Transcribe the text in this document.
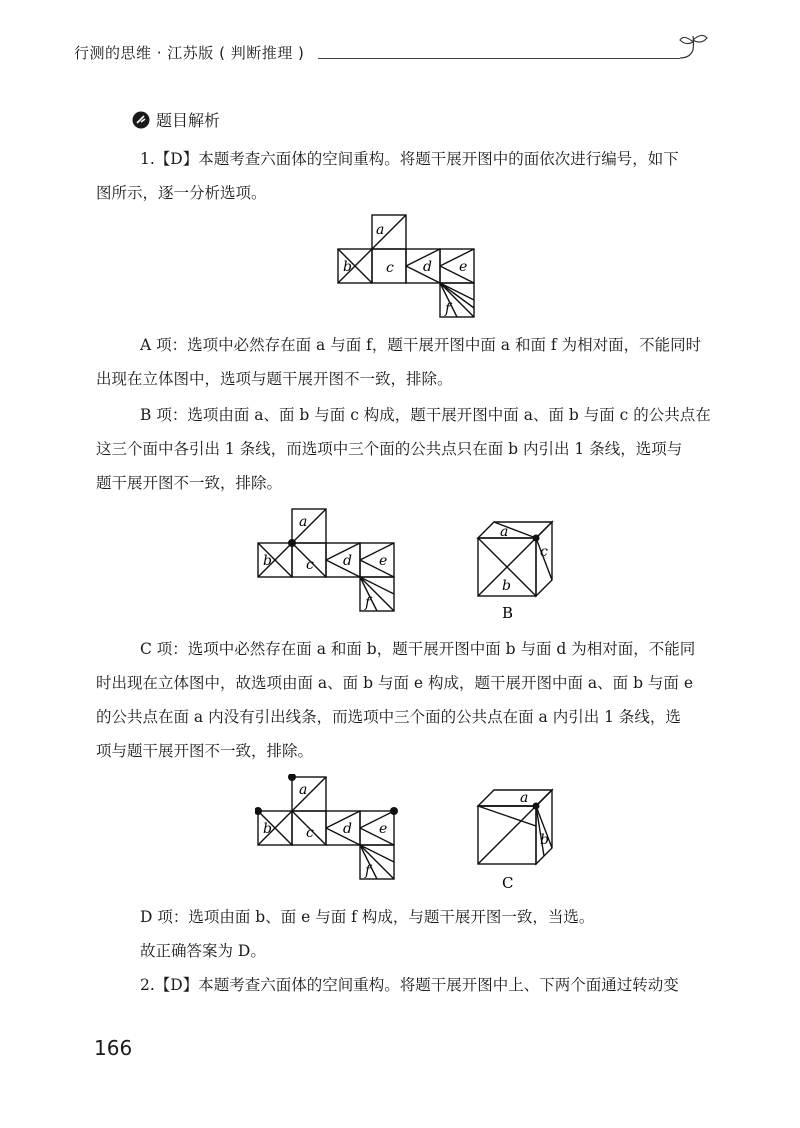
行测的思维 · 江苏版 ( 判断推理 )
题目解析
1.【D】本题考查六面体的空间重构。将题干展开图中的面依次进行编号，如下
图所示，逐一分析选项。
a
b c d e
f
A 项：选项中必然存在面 a 与面 f，题干展开图中面 a 和面 f 为相对面，不能同时
出现在立体图中，选项与题干展开图不一致，排除。
B 项：选项由面 a、面 b 与面 c 构成，题干展开图中面 a、面 b 与面 c 的公共点在
这三个面中各引出 1 条线，而选项中三个面的公共点只在面 b 内引出 1 条线，选项与
题干展开图不一致，排除。
a
b c d e
f
a
b
c
B
C 项：选项中必然存在面 a 和面 b，题干展开图中面 b 与面 d 为相对面，不能同
时出现在立体图中，故选项由面 a、面 b 与面 e 构成，题干展开图中面 a、面 b 与面 e
的公共点在面 a 内没有引出线条，而选项中三个面的公共点在面 a 内引出 1 条线，选
项与题干展开图不一致，排除。
a
b c d e
f
a
b
C
D 项：选项由面 b、面 e 与面 f 构成，与题干展开图一致，当选。
故正确答案为 D。
2.【D】本题考查六面体的空间重构。将题干展开图中上、下两个面通过转动变
166
